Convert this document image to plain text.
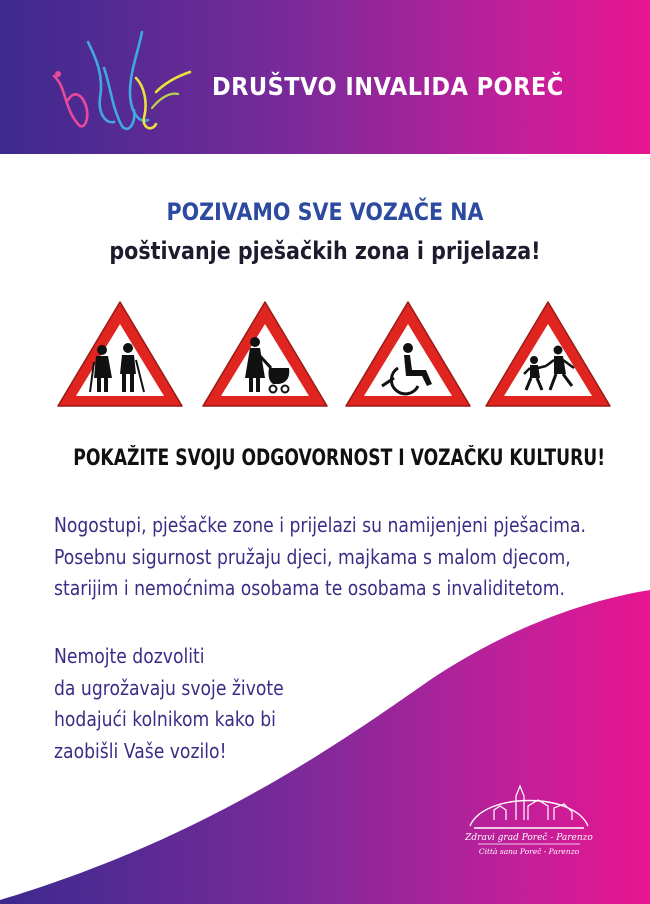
DRUŠTVO INVALIDA POREČ
POZIVAMO SVE VOZAČE NA
poštivanje pješačkih zona i prijelaza!
POKAŽITE SVOJU ODGOVORNOST I VOZAČKU KULTURU!
Nogostupi, pješačke zone i prijelazi su namijenjeni pješacima.
Posebnu sigurnost pružaju djeci, majkama s malom djecom,
starijim i nemoćnima osobama te osobama s invaliditetom.
Nemojte dozvoliti
da ugrožavaju svoje živote
hodajući kolnikom kako bi
zaobišli Vaše vozilo!
Zdravi grad Poreč - Parenzo
Città sana Poreč - Parenzo
